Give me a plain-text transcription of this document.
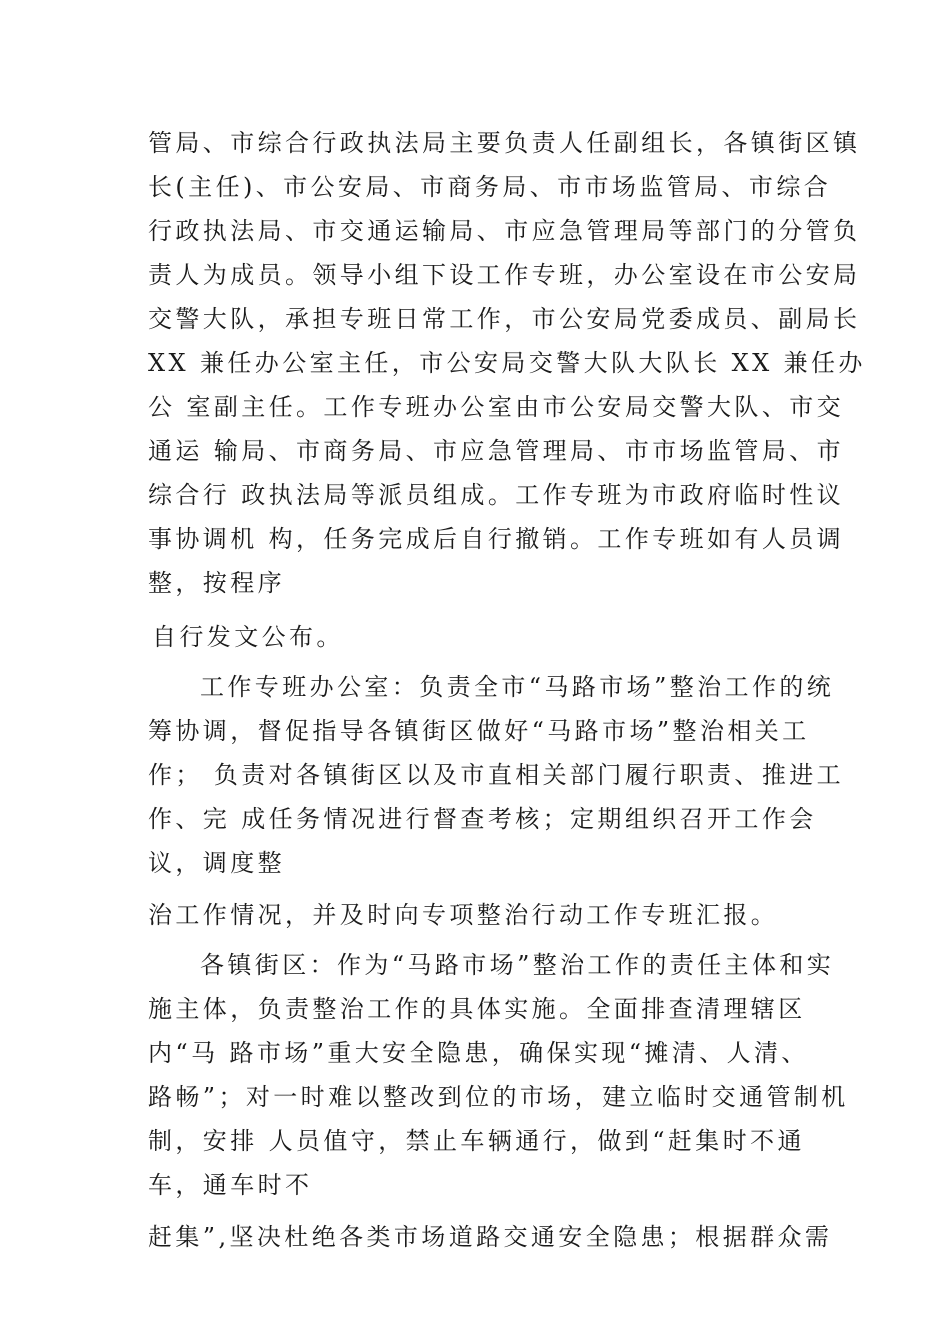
管局、市综合行政执法局主要负责人任副组长，各镇街区镇
长(主任)、市公安局、市商务局、市市场监管局、市综合
行政执法局、市交通运输局、市应急管理局等部门的分管负
责人为成员。领导小组下设工作专班，办公室设在市公安局
交警大队，承担专班日常工作，市公安局党委成员、副局长
XX 兼任办公室主任，市公安局交警大队大队长 XX 兼任办
公 室副主任。工作专班办公室由市公安局交警大队、市交
通运 输局、市商务局、市应急管理局、市市场监管局、市
综合行 政执法局等派员组成。工作专班为市政府临时性议
事协调机 构，任务完成后自行撤销。工作专班如有人员调
整，按程序
自行发文公布。
工作专班办公室：负责全市“马路市场”整治工作的统
筹协调，督促指导各镇街区做好“马路市场”整治相关工
作； 负责对各镇街区以及市直相关部门履行职责、推进工
作、完 成任务情况进行督查考核；定期组织召开工作会
议，调度整
治工作情况，并及时向专项整治行动工作专班汇报。
各镇街区：作为“马路市场”整治工作的责任主体和实
施主体，负责整治工作的具体实施。全面排查清理辖区
内“马 路市场”重大安全隐患，确保实现“摊清、人清、
路畅”；对一时难以整改到位的市场，建立临时交通管制机
制，安排 人员值守，禁止车辆通行，做到“赶集时不通
车，通车时不
赶集”,坚决杜绝各类市场道路交通安全隐患；根据群众需
